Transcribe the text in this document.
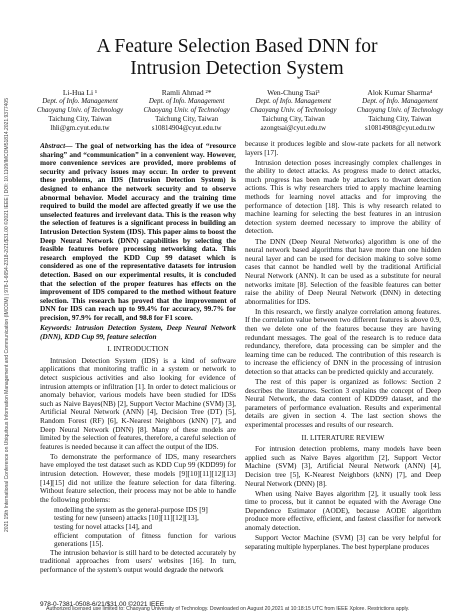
2021 15th International Conference on Ubiquitous Information Management and Communication (IMCOM) | 978-1-6654-2318-2/21/$31.00 ©2021 IEEE | DOI: 10.1109/IMCOM51814.2021.9377405
A Feature Selection Based DNN for
Intrusion Detection System
Li-Hua Li ¹
Dept. of Info. Management
Chaoyang Univ. of Technology
Taichung City, Taiwan
lhli@gm.cyut.edu.tw
Ramli Ahmad ²*
Dept. of Info. Management
Chaoyang Univ. of Technology
Taichung City, Taiwan
s10814904@cyut.edu.tw
Wen-Chung Tsai³
Dept. of Info. Management
Chaoyang Univ. of Technology
Taichung City, Taiwan
azongtsai@cyut.edu.tw
Alok Kumar Sharma⁴
Dept. of Info. Management
Chaoyang Univ. of Technology
Taichung City, Taiwan
s10814908@cyut.edu.tw

Abstract— The goal of networking has the idea of “resource sharing” and “communication” in a convenient way. However, more convenience services are provided, more problems of security and privacy issues may occur. In order to prevent these problems, an IDS (Intrusion Detection System) is designed to enhance the network security and to observe abnormal behavior. Model accuracy and the training time required to build the model are affected greatly if we use the unselected features and irrelevant data. This is the reason why the selection of features is a significant process in building an Intrusion Detection System (IDS). This paper aims to boost the Deep Neural Network (DNN) capabilities by selecting the feasible features before processing networking data. This research employed the KDD Cup 99 dataset which is considered as one of the representative datasets for intrusion detection. Based on our experimental results, it is concluded that the selection of the proper features has effects on the improvement of IDS compared to the method without feature selection. This research has proved that the improvement of DNN for IDS can reach up to 99.4% for accuracy, 99.7% for precision, 97.9% for recall, and 98.8 for F1 score.

Keywords: Intrusion Detection System, Deep Neural Network (DNN), KDD Cup 99, feature selection

I. INTRODUCTION

Intrusion Detection System (IDS) is a kind of software applications that monitoring traffic in a system or network to detect suspicious activities and also looking for evidence of intrusion attempts or infiltration [1]. In order to detect malicious or anomaly behavior, various models have been studied for IDSs such as Naive Bayes(NB) [2], Support Vector Machine (SVM) [3], Artificial Neural Network (ANN) [4], Decision Tree (DT) [5], Random Forest (RF) [6], K-Nearest Neighbors (kNN) [7], and Deep Neural Network (DNN) [8]. Many of these models are limited by the selection of features, therefore, a careful selection of features is needed because it can affect the output of the IDS.

To demonstrate the performance of IDS, many researchers have employed the test dataset such as KDD Cup 99 (KDD99) for intrusion detection. However, these models [9][10][11][12][13][14][15] did not utilize the feature selection for data filtering. Without feature selection, their process may not be able to handle the following problems:

modelling the system as the general-purpose IDS [9]
testing for new (unseen) attacks [10][11][12][13],
testing for novel attacks [14], and
efficient computation of fitness function for various generations [15].

The intrusion behavior is still hard to be detected accurately by traditional approaches from users' websites [16]. In turn, performance of the system's output would degrade the network

because it produces legible and slow-rate packets for all network layers [17].

Intrusion detection poses increasingly complex challenges in the ability to detect attacks. As progress made to detect attacks, much progress has been made by attackers to thwart detection actions. This is why researchers tried to apply machine learning methods for learning novel attacks and for improving the performance of detection [18]. This is why research related to machine learning for selecting the best features in an intrusion detection system deemed necessary to improve the ability of detection.

The DNN (Deep Neural Networks) algorithm is one of the neural network based algorithms that have more than one hidden neural layer and can be used for decision making to solve some cases that cannot be handled well by the traditional Artificial Neural Network (ANN). It can be used as a substitute for neural networks imitate [8]. Selection of the feasible features can better raise the ability of Deep Neural Network (DNN) in detecting abnormalities for IDS.

In this research, we firstly analyze correlation among features. If the correlation value between two different features is above 0.9, then we delete one of the features because they are having redundant messages. The goal of the research is to reduce data redundancy, therefore, data processing can be simpler and the learning time can be reduced. The contribution of this research is to increase the efficiency of DNN in the processing of intrusion detection so that attacks can be predicted quickly and accurately.

The rest of this paper is organized as follows: Section 2 describes the literatures. Section 3 explains the concept of Deep Neural Network, the data content of KDD99 dataset, and the parameters of performance evaluation. Results and experimental details are given in section 4. The last section shows the experimental processes and results of our research.

II. LITERATURE REVIEW

For intrusion detection problems, many models have been applied such as Naive Bayes algorithm [2], Support Vector Machine (SVM) [3], Artificial Neural Network (ANN) [4], Decision tree [5], K-Nearest Neighbors (kNN) [7], and Deep Neural Network (DNN) [8].

When using Naive Bayes algorithm [2], it usually took less time to process, but it cannot be equated with the Average One Dependence Estimator (AODE), because AODE algorithm produce more effective, efficient, and fastest classifier for network anomaly detection.

Support Vector Machine (SVM) [3] can be very helpful for separating multiple hyperplanes. The best hyperplane produces

978-0-7381-0508-6/21/$31.00 ©2021 IEEE
Authorized licensed use limited to: Chaoyang University of Technology. Downloaded on August 20,2021 at 10:18:15 UTC from IEEE Xplore. Restrictions apply.
